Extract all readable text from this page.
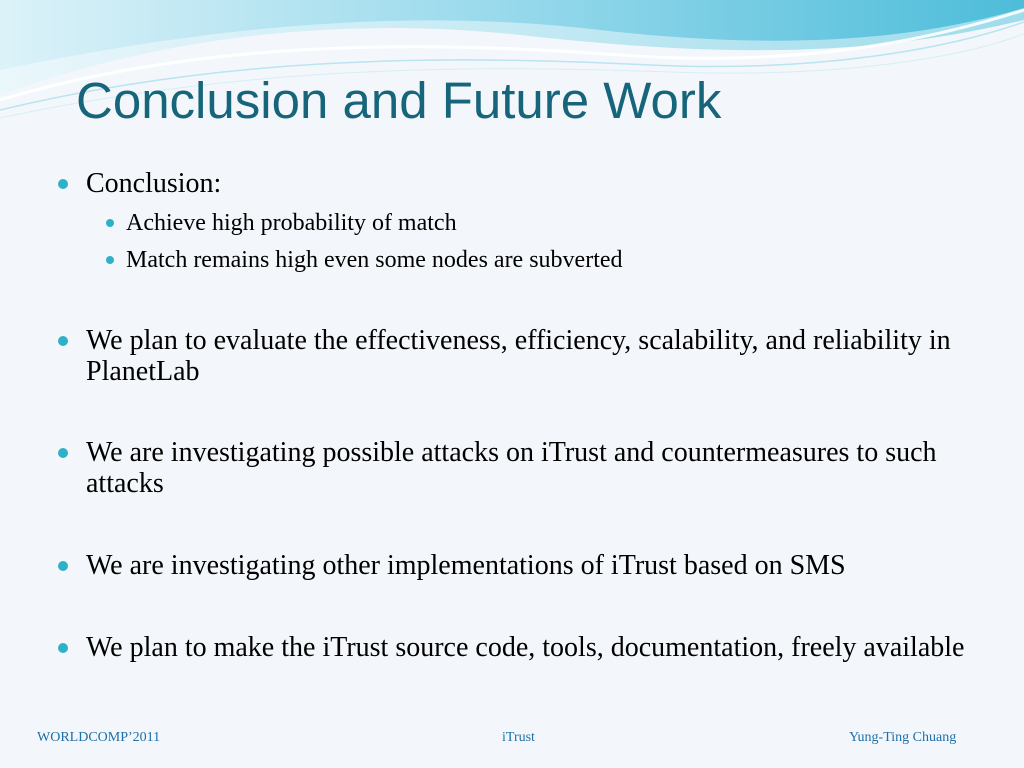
Conclusion and Future Work
Conclusion:
Achieve high probability of match
Match remains high even some nodes are subverted
We plan to evaluate the effectiveness, efficiency, scalability, and reliability in PlanetLab
We are investigating possible attacks on iTrust and countermeasures to such attacks
We are investigating other implementations of iTrust based on SMS
We plan to make the iTrust source code, tools, documentation, freely available
WORLDCOMP’2011	iTrust	Yung-Ting Chuang
